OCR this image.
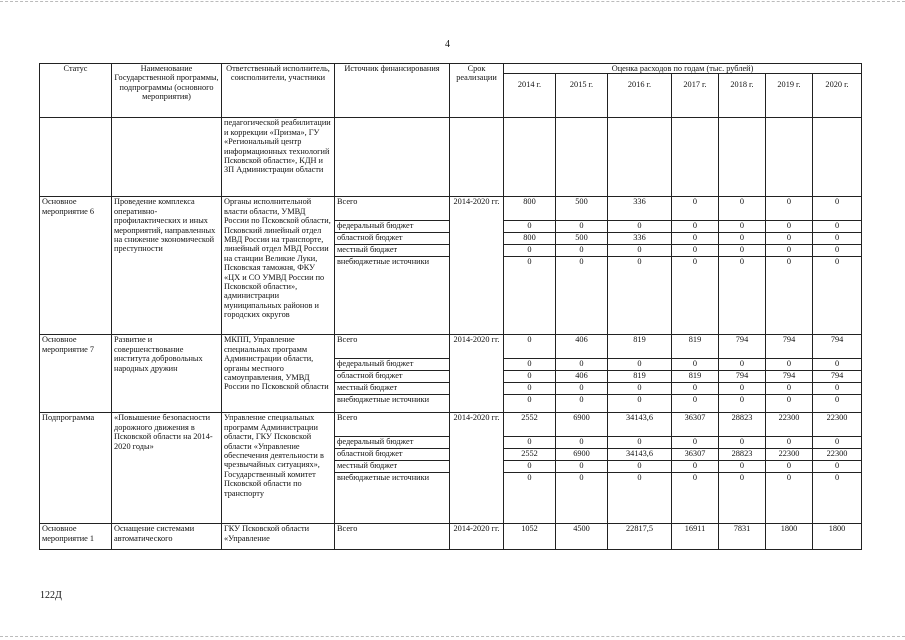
4
Статус	Наименование Государственной программы, подпрограммы (основного мероприятия)	Ответственный исполнитель, соисполнители, участники	Источник финансирования	Срок реализации	Оценка расходов по годам (тыс. рублей)						
					2014 г.	2015 г.	2016 г.	2017 г.	2018 г.	2019 г.	2020 г.
		педагогической реабилитации и коррекции «Призма», ГУ «Региональный центр информационных технологий Псковской области», КДН и ЗП Администрации области									
Основное мероприятие 6	Проведение комплекса оперативно-профилактических и иных мероприятий, направленных на снижение экономической преступности	Органы исполнительной власти области, УМВД России по Псковской области, Псковский линейный отдел МВД России на транспорте, линейный отдел МВД России на станции Великие Луки, Псковская таможня, ФКУ «ЦХ и СО УМВД России по Псковской области», администрации муниципальных районов и городских округов	Всего	2014-2020 гг.	800	500	336	0	0	0	0
			федеральный бюджет		0	0	0	0	0	0	0
			областной бюджет		800	500	336	0	0	0	0
			местный бюджет		0	0	0	0	0	0	0
			внебюджетные источники		0	0	0	0	0	0	0
Основное мероприятие 7	Развитие и совершенствование института добровольных народных дружин	МКПП, Управление специальных программ Администрации области, органы местного самоуправления, УМВД России по Псковской области	Всего	2014-2020 гг.	0	406	819	819	794	794	794
			федеральный бюджет		0	0	0	0	0	0	0
			областной бюджет		0	406	819	819	794	794	794
			местный бюджет		0	0	0	0	0	0	0
			внебюджетные источники		0	0	0	0	0	0	0
Подпрограмма	«Повышение безопасности дорожного движения в Псковской области на 2014-2020 годы»	Управление специальных программ Администрации области, ГКУ Псковской области «Управление обеспечения деятельности в чрезвычайных ситуациях», Государственный комитет Псковской области по транспорту	Всего	2014-2020 гг.	2552	6900	34143,6	36307	28823	22300	22300
			федеральный бюджет		0	0	0	0	0	0	0
			областной бюджет		2552	6900	34143,6	36307	28823	22300	22300
			местный бюджет		0	0	0	0	0	0	0
			внебюджетные источники		0	0	0	0	0	0	0
Основное мероприятие 1	Оснащение системами автоматического	ГКУ Псковской области «Управление	Всего	2014-2020 гг.	1052	4500	22817,5	16911	7831	1800	1800
122Д
